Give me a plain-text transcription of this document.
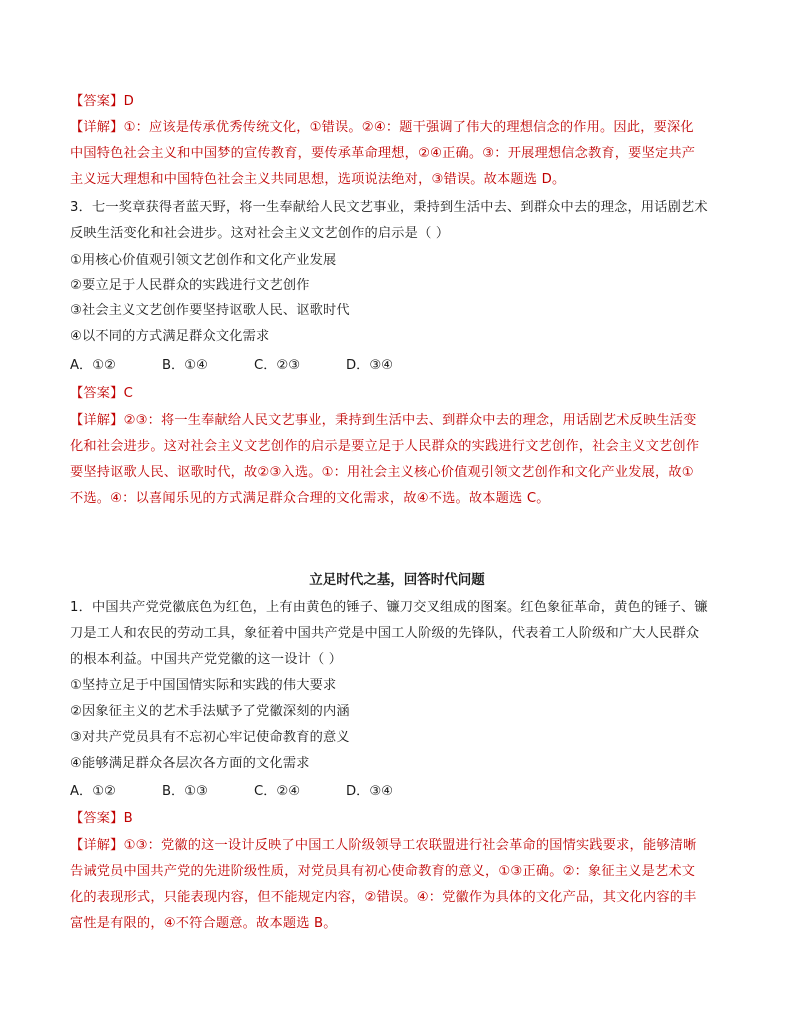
【答案】D
【详解】①：应该是传承优秀传统文化，①错误。②④：题干强调了伟大的理想信念的作用。因此，要深化
中国特色社会主义和中国梦的宣传教育，要传承革命理想，②④正确。③：开展理想信念教育，要坚定共产
主义远大理想和中国特色社会主义共同思想，选项说法绝对，③错误。故本题选 D。
3．七一奖章获得者蓝天野，将一生奉献给人民文艺事业，秉持到生活中去、到群众中去的理念，用话剧艺术
反映生活变化和社会进步。这对社会主义文艺创作的启示是（ ）
①用核心价值观引领文艺创作和文化产业发展
②要立足于人民群众的实践进行文艺创作
③社会主义文艺创作要坚持讴歌人民、讴歌时代
④以不同的方式满足群众文化需求
A．①②	B．①④	C．②③	D．③④
【答案】C
【详解】②③：将一生奉献给人民文艺事业，秉持到生活中去、到群众中去的理念，用话剧艺术反映生活变
化和社会进步。这对社会主义文艺创作的启示是要立足于人民群众的实践进行文艺创作，社会主义文艺创作
要坚持讴歌人民、讴歌时代，故②③入选。①：用社会主义核心价值观引领文艺创作和文化产业发展，故①
不选。④：以喜闻乐见的方式满足群众合理的文化需求，故④不选。故本题选 C。
立足时代之基，回答时代问题
1．中国共产党党徽底色为红色，上有由黄色的锤子、镰刀交叉组成的图案。红色象征革命，黄色的锤子、镰
刀是工人和农民的劳动工具，象征着中国共产党是中国工人阶级的先锋队，代表着工人阶级和广大人民群众
的根本利益。中国共产党党徽的这一设计（ ）
①坚持立足于中国国情实际和实践的伟大要求
②因象征主义的艺术手法赋予了党徽深刻的内涵
③对共产党员具有不忘初心牢记使命教育的意义
④能够满足群众各层次各方面的文化需求
A．①②	B．①③	C．②④	D．③④
【答案】B
【详解】①③：党徽的这一设计反映了中国工人阶级领导工农联盟进行社会革命的国情实践要求，能够清晰
告诫党员中国共产党的先进阶级性质，对党员具有初心使命教育的意义，①③正确。②：象征主义是艺术文
化的表现形式，只能表现内容，但不能规定内容，②错误。④：党徽作为具体的文化产品，其文化内容的丰
富性是有限的，④不符合题意。故本题选 B。
